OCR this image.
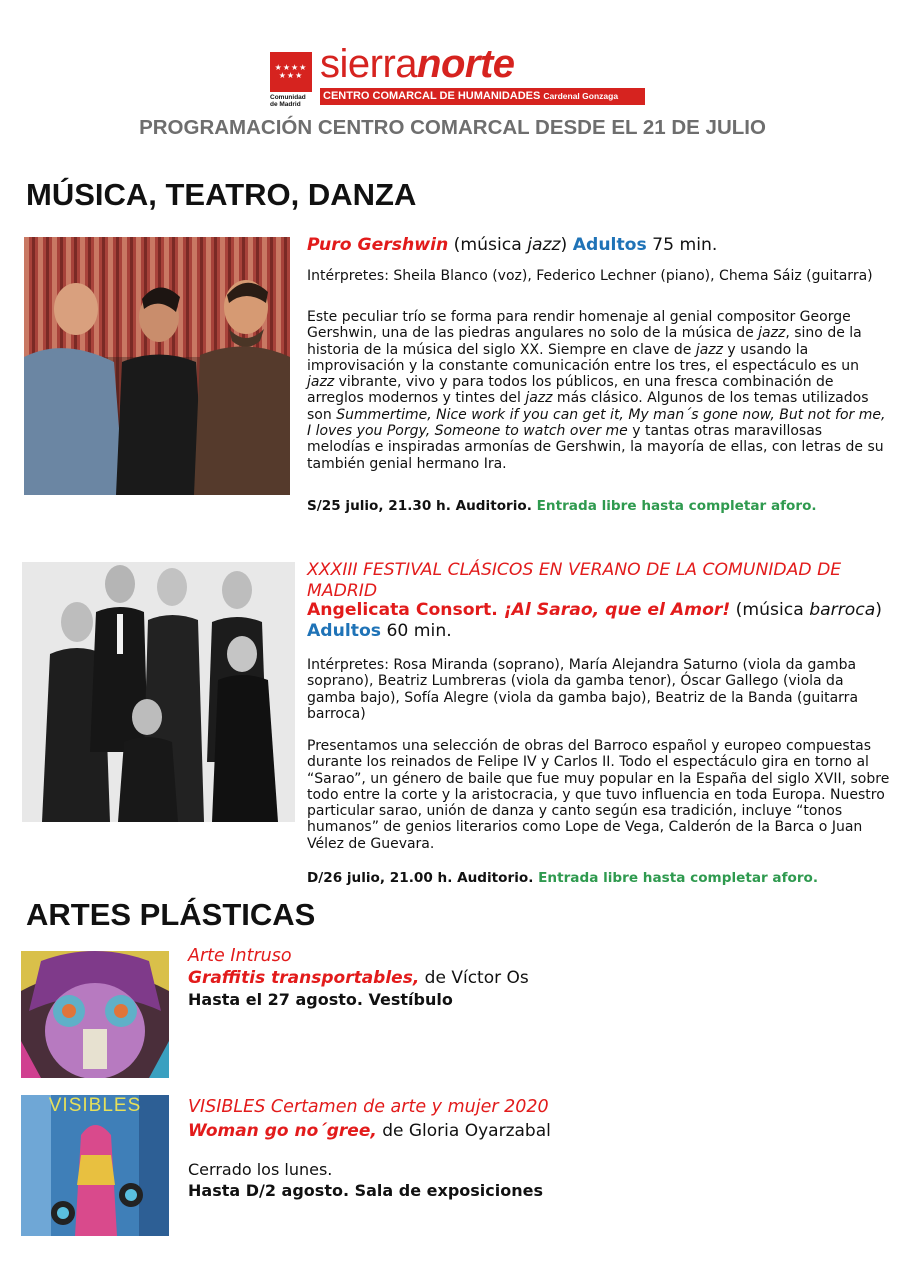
★★★★
★★★
Comunidad de Madrid
sierranorte
CENTRO COMARCAL DE HUMANIDADES Cardenal Gonzaga
PROGRAMACIÓN CENTRO COMARCAL DESDE EL 21 DE JULIO
MÚSICA, TEATRO, DANZA
Puro Gershwin (música jazz) Adultos 75 min.
Intérpretes: Sheila Blanco (voz), Federico Lechner (piano), Chema Sáiz (guitarra)
Este peculiar trío se forma para rendir homenaje al genial compositor George Gershwin, una de las piedras angulares no solo de la música de jazz, sino de la historia de la música del siglo XX. Siempre en clave de jazz y usando la improvisación y la constante comunicación entre los tres, el espectáculo es un jazz vibrante, vivo y para todos los públicos, en una fresca combinación de arreglos modernos y tintes del jazz más clásico. Algunos de los temas utilizados son Summertime, Nice work if you can get it, My man´s gone now, But not for me, I loves you Porgy, Someone to watch over me y tantas otras maravillosas melodías e inspiradas armonías de Gershwin, la mayoría de ellas, con letras de su también genial hermano Ira.
S/25 julio, 21.30 h. Auditorio. Entrada libre hasta completar aforo.
XXXIII FESTIVAL CLÁSICOS EN VERANO DE LA COMUNIDAD DE MADRID
Angelicata Consort. ¡Al Sarao, que el Amor! (música barroca) Adultos 60 min.
Intérpretes: Rosa Miranda (soprano), María Alejandra Saturno (viola da gamba soprano), Beatriz Lumbreras (viola da gamba tenor), Óscar Gallego (viola da gamba bajo), Sofía Alegre (viola da gamba bajo), Beatriz de la Banda (guitarra barroca)
Presentamos una selección de obras del Barroco español y europeo compuestas durante los reinados de Felipe IV y Carlos II. Todo el espectáculo gira en torno al “Sarao”, un género de baile que fue muy popular en la España del siglo XVII, sobre todo entre la corte y la aristocracia, y que tuvo influencia en toda Europa. Nuestro particular sarao, unión de danza y canto según esa tradición, incluye “tonos humanos” de genios literarios como Lope de Vega, Calderón de la Barca o Juan Vélez de Guevara.
D/26 julio, 21.00 h. Auditorio. Entrada libre hasta completar aforo.
ARTES PLÁSTICAS
Arte Intruso
Graffitis transportables, de Víctor Os
Hasta el 27 agosto. Vestíbulo
VISIBLES	VISIBLES Certamen de arte y mujer 2020
Woman go no´gree, de Gloria Oyarzabal
Cerrado los lunes.
Hasta D/2 agosto. Sala de exposiciones
